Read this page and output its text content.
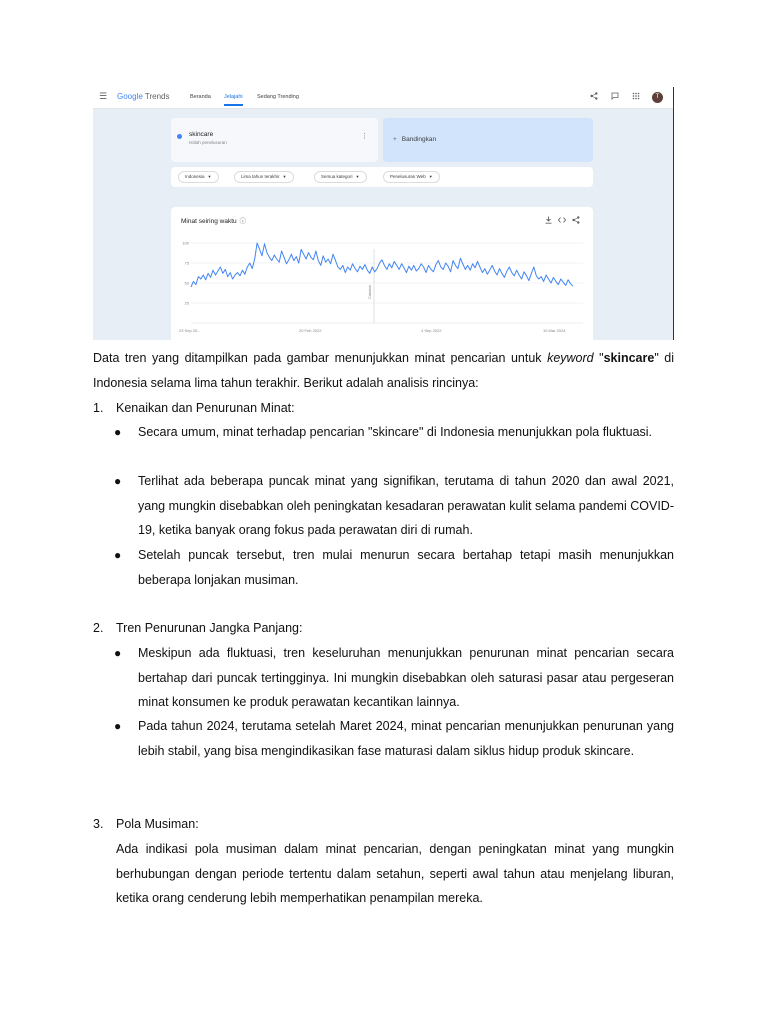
☰ Google Trends	Beranda Jelajahi	Sedang Trending	T
skincare
Istilah penelusuran
⋮	+ Bandingkan
Indonesia ▼	Lima tahun terakhir ▼	Semua kategori ▼	Penelusuran Web ▼
Minat seiring waktu ⓘ
100
75
50
25
23 Sep 20...	20 Feb 2022	4 Sep 2022	10 Mar 2024
Catatan

Data tren yang ditampilkan pada gambar menunjukkan minat pencarian untuk keyword "skincare" di

Indonesia selama lima tahun terakhir. Berikut adalah analisis rincinya:

1. Kenaikan dan Penurunan Minat:
● Secara umum, minat terhadap pencarian "skincare" di Indonesia menunjukkan pola fluktuasi.

● Terlihat ada beberapa puncak minat yang signifikan, terutama di tahun 2020 dan awal 2021, yang mungkin disebabkan oleh peningkatan kesadaran perawatan kulit selama pandemi COVID-19, ketika banyak orang fokus pada perawatan diri di rumah.

● Setelah puncak tersebut, tren mulai menurun secara bertahap tetapi masih menunjukkan beberapa lonjakan musiman.

2. Tren Penurunan Jangka Panjang:
● Meskipun ada fluktuasi, tren keseluruhan menunjukkan penurunan minat pencarian secara bertahap dari puncak tertingginya. Ini mungkin disebabkan oleh saturasi pasar atau pergeseran minat konsumen ke produk perawatan kecantikan lainnya.

● Pada tahun 2024, terutama setelah Maret 2024, minat pencarian menunjukkan penurunan yang lebih stabil, yang bisa mengindikasikan fase maturasi dalam siklus hidup produk skincare.

3. Pola Musiman:

Ada indikasi pola musiman dalam minat pencarian, dengan peningkatan minat yang mungkin berhubungan dengan periode tertentu dalam setahun, seperti awal tahun atau menjelang liburan, ketika orang cenderung lebih memperhatikan penampilan mereka.
